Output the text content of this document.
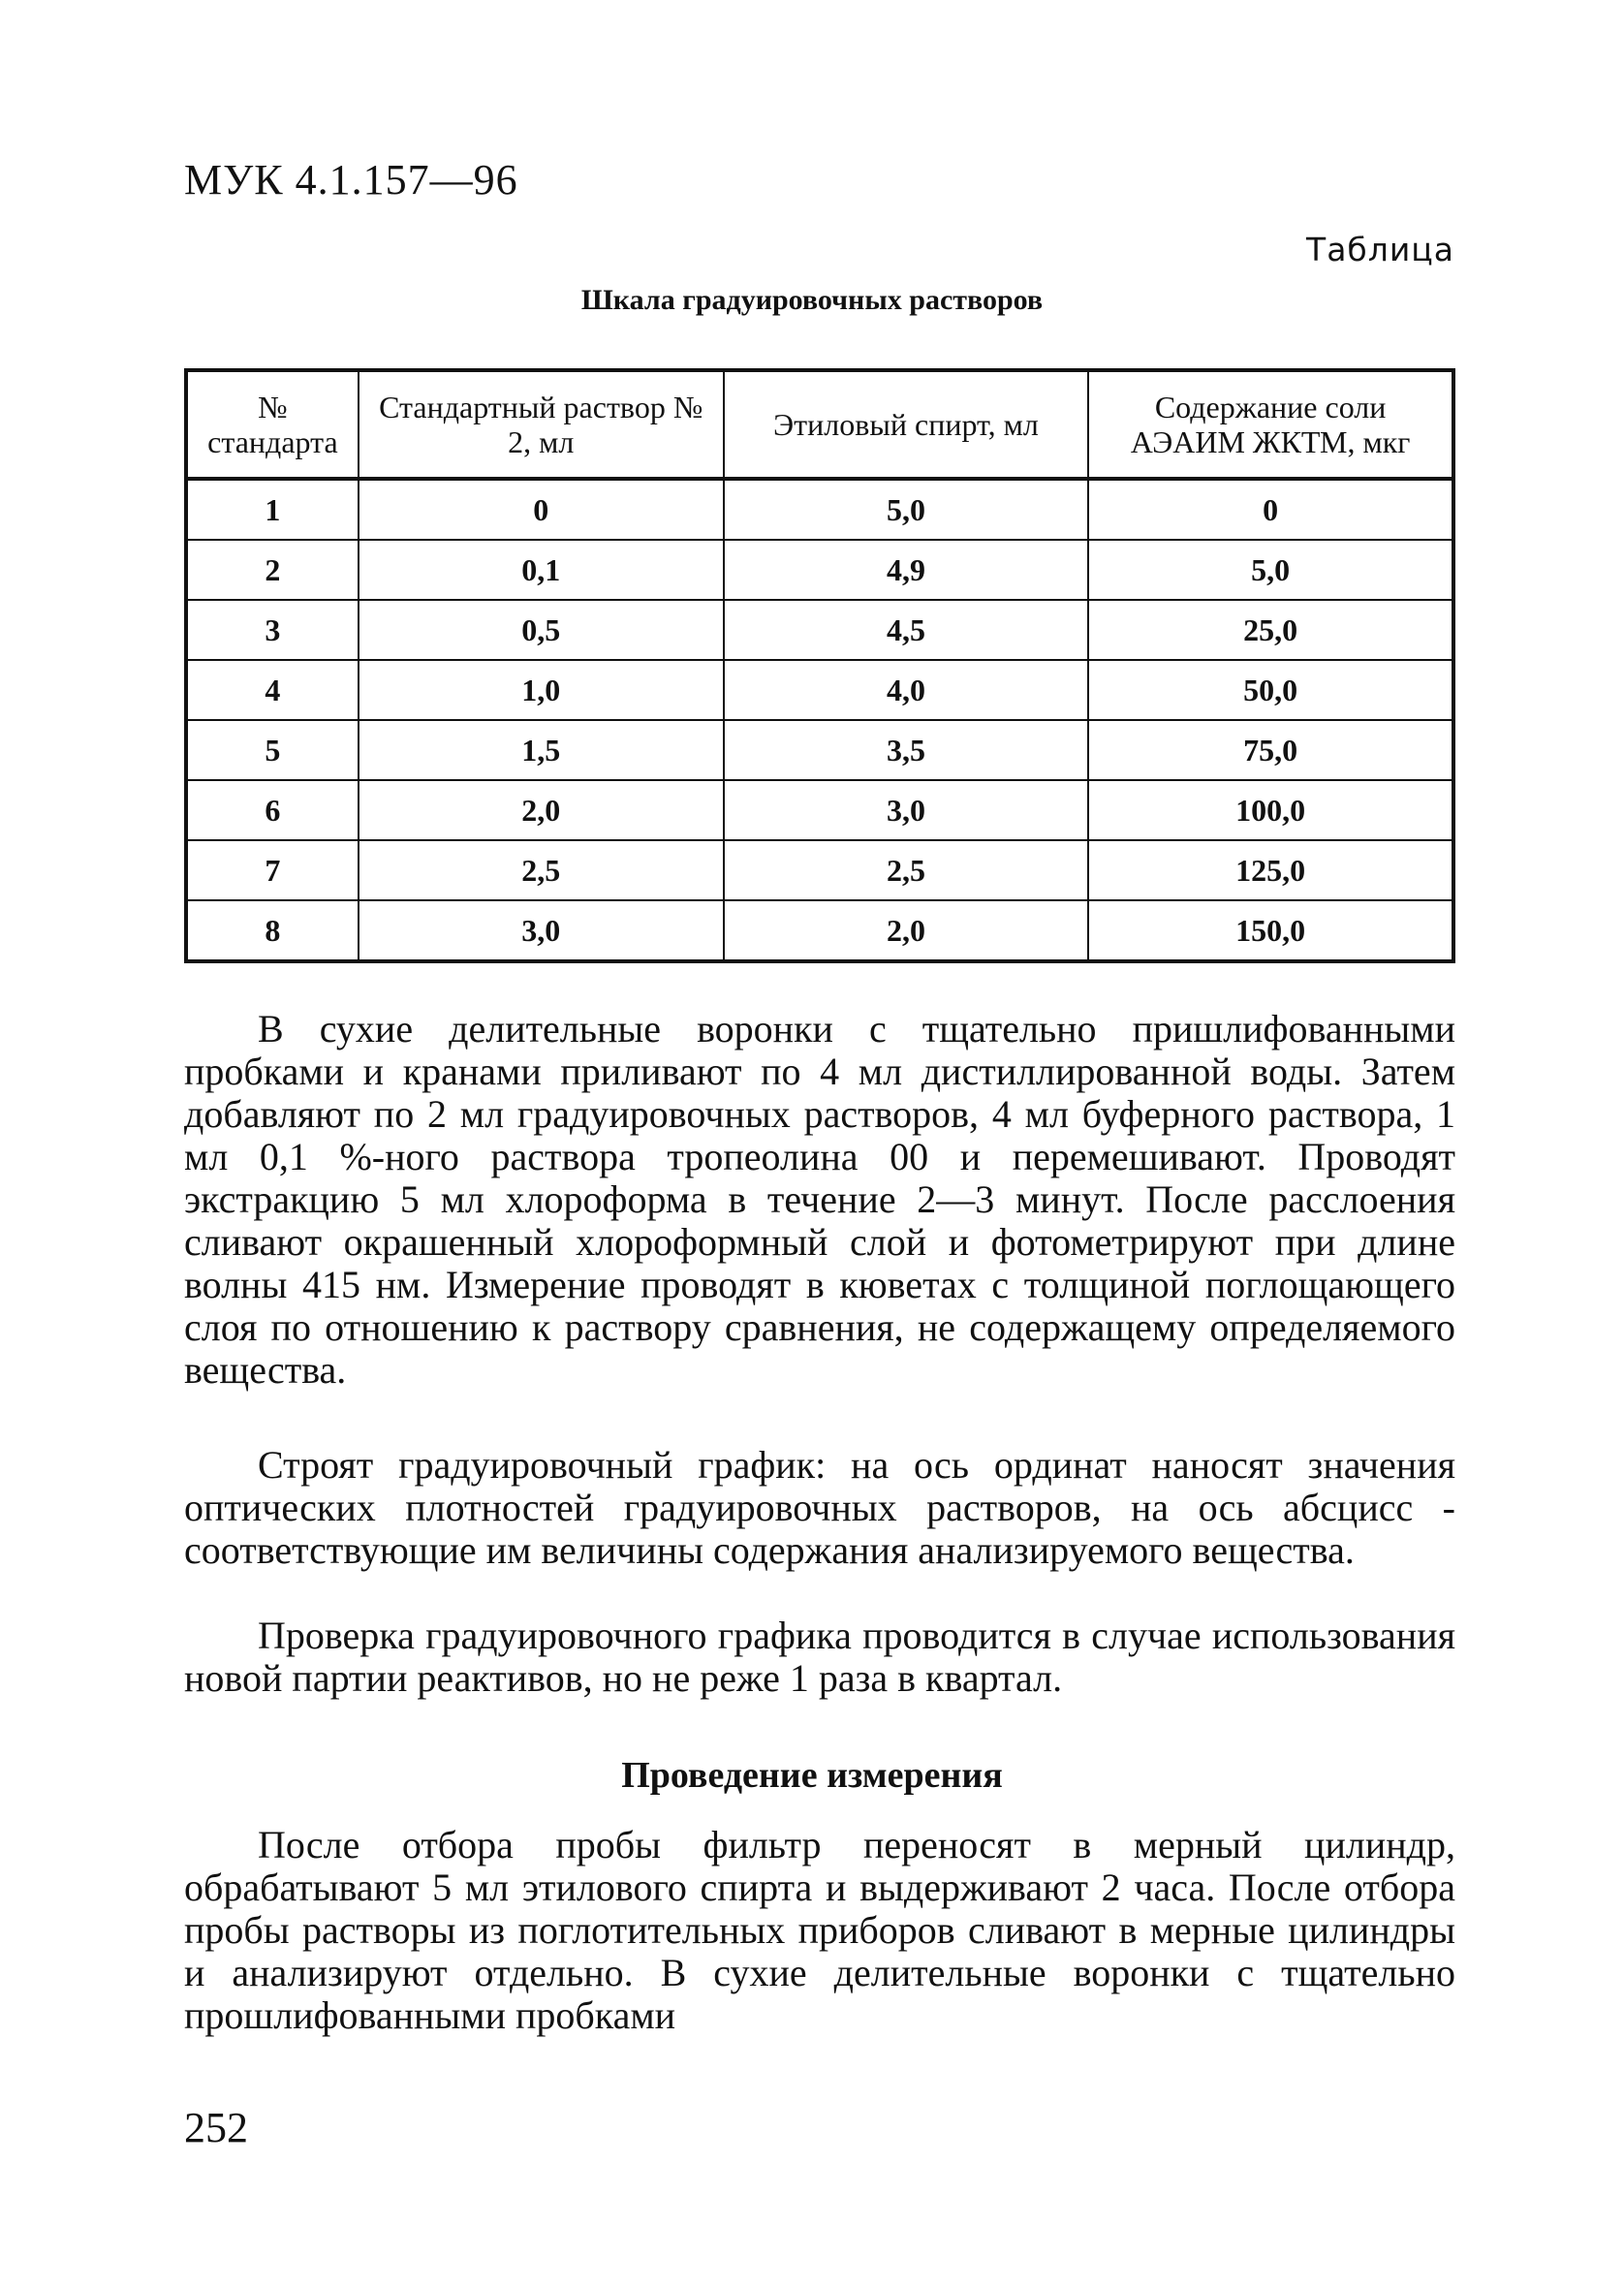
МУК 4.1.157—96
Таблица
Шкала градуировочных растворов
№ стандарта	Стандартный раствор № 2, мл	Этиловый спирт, мл	Содержание соли АЭАИМ ЖКТМ, мкг
1	0	5,0	0
2	0,1	4,9	5,0
3	0,5	4,5	25,0
4	1,0	4,0	50,0
5	1,5	3,5	75,0
6	2,0	3,0	100,0
7	2,5	2,5	125,0
8	3,0	2,0	150,0

В сухие делительные воронки с тщательно пришлифованными пробками и кранами приливают по 4 мл дистиллированной воды. Затем добавляют по 2 мл градуировочных растворов, 4 мл буферного раствора, 1 мл 0,1 %-ного раствора тропеолина 00 и перемешивают. Проводят экстракцию 5 мл хлороформа в течение 2—3 минут. После расслоения сливают окрашенный хлороформный слой и фотометрируют при длине волны 415 нм. Измерение проводят в кюветах с толщиной поглощающего слоя по отношению к раствору сравнения, не содержащему определяемого вещества.

Строят градуировочный график: на ось ординат наносят значения оптических плотностей градуировочных растворов, на ось абсцисс - соответствующие им величины содержания анализируемого вещества.

Проверка градуировочного графика проводится в случае использования новой партии реактивов, но не реже 1 раза в квартал.

Проведение измерения

После отбора пробы фильтр переносят в мерный цилиндр, обрабатывают 5 мл этилового спирта и выдерживают 2 часа. После отбора пробы растворы из поглотительных приборов сливают в мерные цилиндры и анализируют отдельно. В сухие делительные воронки с тщательно прошлифованными пробками

252
